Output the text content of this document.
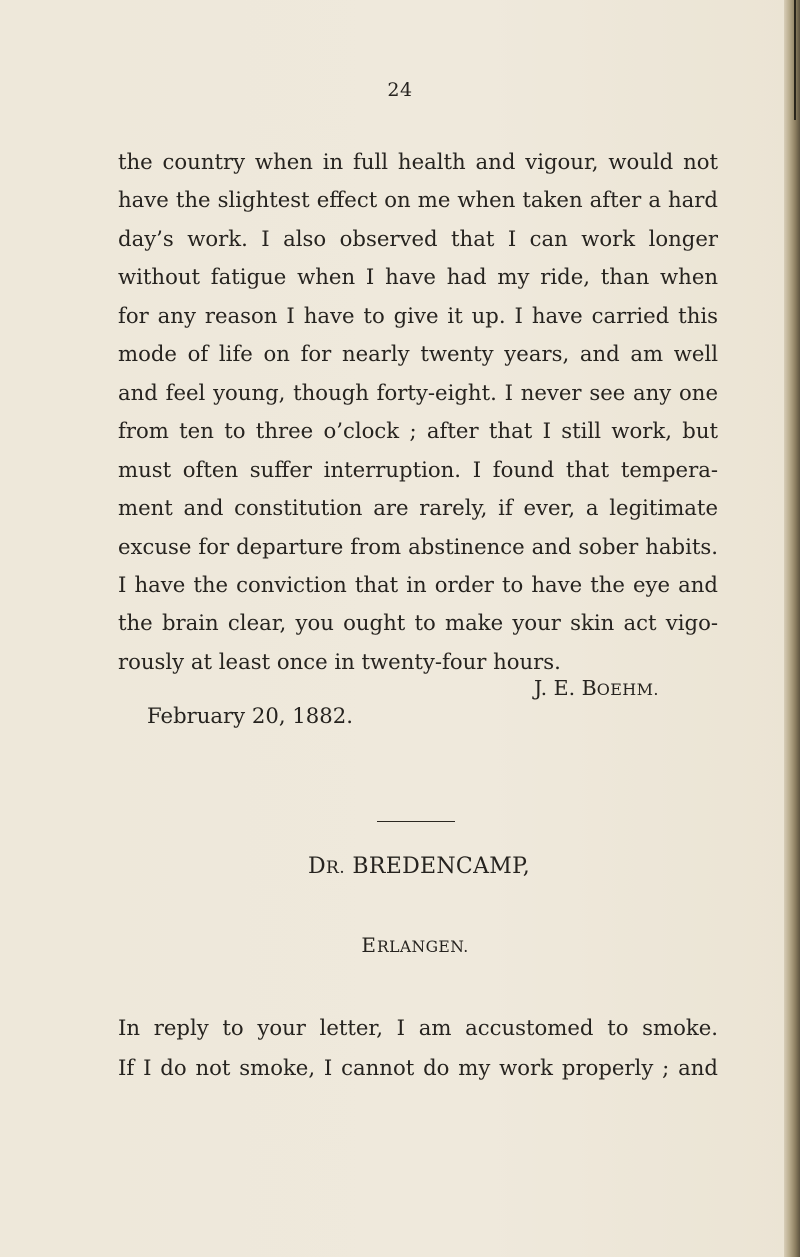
24
the country when in full health and vigour, would not
have the slightest effect on me when taken after a hard
day’s work. I also observed that I can work longer
without fatigue when I have had my ride, than when
for any reason I have to give it up. I have carried this
mode of life on for nearly twenty years, and am well
and feel young, though forty-eight. I never see any one
from ten to three o’clock ; after that I still work, but
must often suffer interruption. I found that tempera-
ment and constitution are rarely, if ever, a legitimate
excuse for departure from abstinence and sober habits.
I have the conviction that in order to have the eye and
the brain clear, you ought to make your skin act vigo-
rously at least once in twenty-four hours.
J. E. BOEHM.
February 20, 1882.
DR. BREDENCAMP,
ERLANGEN.
In reply to your letter, I am accustomed to smoke.
If I do not smoke, I cannot do my work properly ; and
